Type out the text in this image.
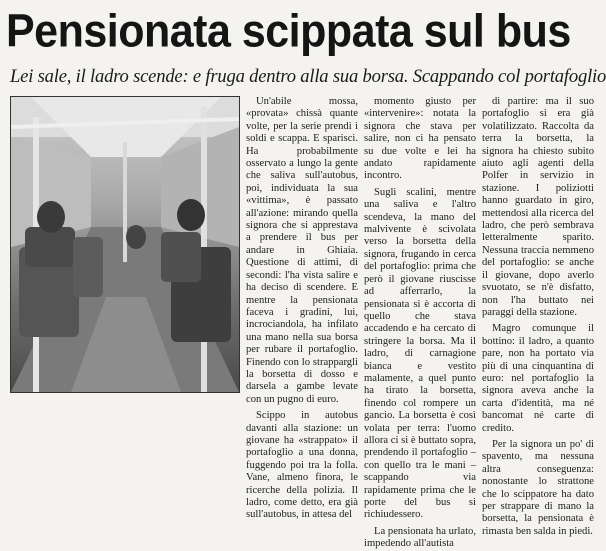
Pensionata scippata sul bus
Lei sale, il ladro scende: e fruga dentro alla sua borsa. Scappando col portafoglio

Un'abile mossa, «provata» chissà quante volte, per la serie prendi i soldi e scappa. E sparisci. Ha probabilmente osservato a lungo la gente che saliva sull'autobus, poi, individuata la sua «vittima», è passato all'azione: mirando quella signora che si apprestava a prendere il bus per andare in Ghiaia. Questione di attimi, di secondi: l'ha vista salire e ha deciso di scendere. E mentre la pensionata faceva i gradini, lui, incrociandola, ha infilato una mano nella sua borsa per rubare il portafoglio. Finendo con lo strappargli la borsetta di dosso e darsela a gambe levate con un pugno di euro.

Scippo in autobus davanti alla stazione: un giovane ha «strappato» il portafoglio a una donna, fuggendo poi tra la folla. Vane, almeno finora, le ricerche della polizia. Il ladro, come detto, era già sull'autobus, in attesa del

momento giusto per «intervenire»: notata la signora che stava per salire, non ci ha pensato su due volte e lei ha andato rapidamente incontro.

Sugli scalini, mentre una saliva e l'altro scendeva, la mano del malvivente è scivolata verso la borsetta della signora, frugando in cerca del portafoglio: prima che però il giovane riuscisse ad afferrarlo, la pensionata si è accorta di quello che stava accadendo e ha cercato di stringere la borsa. Ma il ladro, di carnagione bianca e vestito malamente, a quel punto ha tirato la borsetta, finendo col rompere un gancio. La borsetta è così volata per terra: l'uomo allora ci si è buttato sopra, prendendo il portafoglio – con quello tra le mani – scappando via rapidamente prima che le porte del bus si richiudessero.

La pensionata ha urlato, impedendo all'autista

di partire: ma il suo portafoglio si era già volatilizzato. Raccolta da terra la borsetta, la signora ha chiesto subito aiuto agli agenti della Polfer in servizio in stazione. I poliziotti hanno guardato in giro, mettendosi alla ricerca del ladro, che però sembrava letteralmente sparito. Nessuna traccia nemmeno del portafoglio: se anche il giovane, dopo averlo svuotato, se n'è disfatto, non l'ha buttato nei paraggi della stazione.

Magro comunque il bottino: il ladro, a quanto pare, non ha portato via più di una cinquantina di euro: nel portafoglio la signora aveva anche la carta d'identità, ma né bancomat né carte di credito.

Per la signora un po' di spavento, ma nessuna altra conseguenza: nonostante lo strattone che lo scippatore ha dato per strappare di mano la borsetta, la pensionata è rimasta ben salda in piedi.
